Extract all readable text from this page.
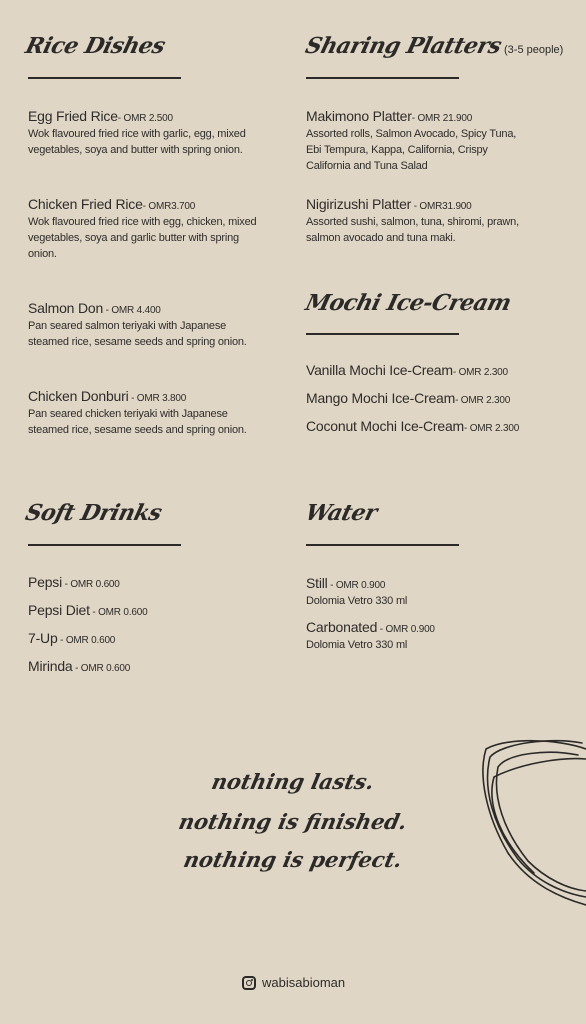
Rice Dishes
Egg Fried Rice- OMR 2.500
Wok flavoured fried rice with garlic, egg, mixed vegetables, soya and butter with spring onion.
Chicken Fried Rice- OMR3.700
Wok flavoured fried rice with egg, chicken, mixed vegetables, soya and garlic butter with spring onion.
Salmon Don - OMR 4.400
Pan seared salmon teriyaki with Japanese steamed rice, sesame seeds and spring onion.
Chicken Donburi - OMR 3.800
Pan seared chicken teriyaki with Japanese steamed rice, sesame seeds and spring onion.
Sharing Platters(3-5 people)
Makimono Platter- OMR 21.900
Assorted rolls, Salmon Avocado, Spicy Tuna, Ebi Tempura, Kappa, California, Crispy California and Tuna Salad
Nigirizushi Platter - OMR31.900
Assorted sushi, salmon, tuna, shiromi, prawn, salmon avocado and tuna maki.
Mochi Ice-Cream
Vanilla Mochi Ice-Cream- OMR 2.300
Mango Mochi Ice-Cream- OMR 2.300
Coconut Mochi Ice-Cream- OMR 2.300
Soft Drinks
Pepsi - OMR 0.600
Pepsi Diet - OMR 0.600
7-Up - OMR 0.600
Mirinda - OMR 0.600
Water
Still - OMR 0.900
Dolomia Vetro 330 ml
Carbonated - OMR 0.900
Dolomia Vetro 330 ml
nothing lasts.
nothing is finished.
nothing is perfect.
wabisabioman
